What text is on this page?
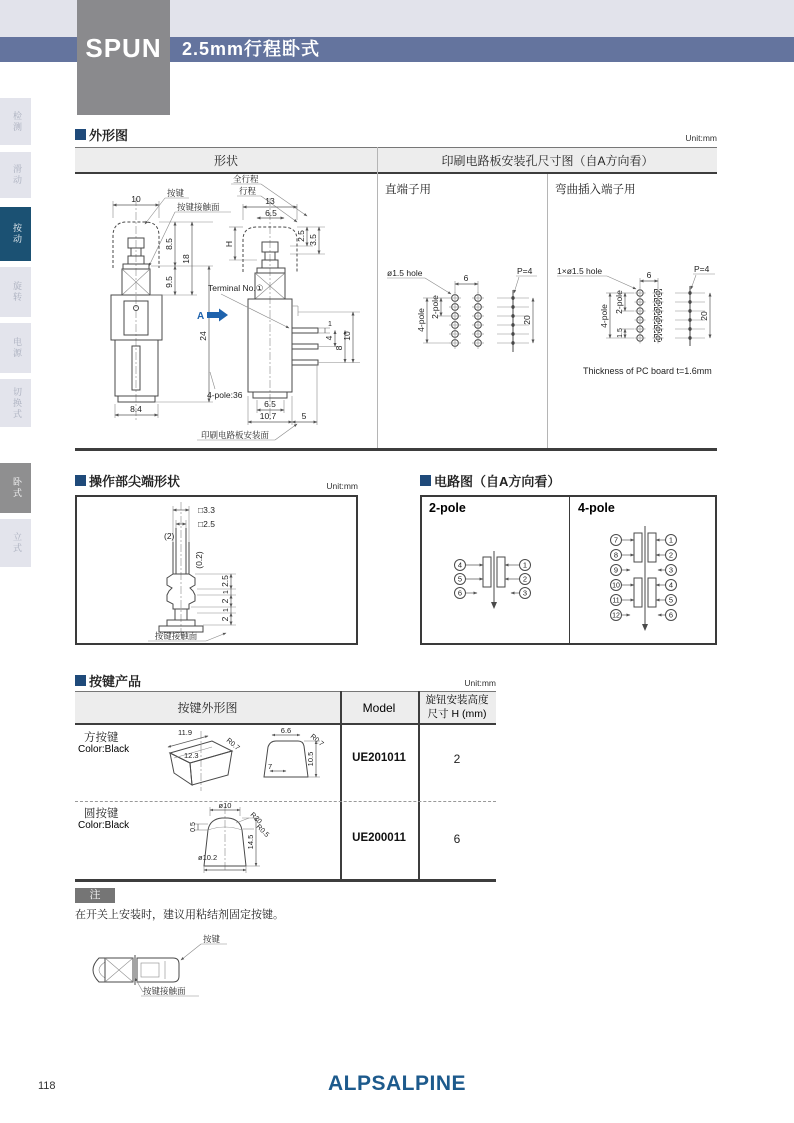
SPUN	2.5mm行程卧式
检测
滑动
按动
旋转
电源
切换式
卧式
立式
外形图	Unit:mm
形状	印刷电路板安装孔尺寸图（自A方向看）
直端子用	弯曲插入端子用
10
按键
按键接触面
8.4
8.5
9.5
18
24
4-pole:36
全行程
行程
13
6.5
H
2.5 3.5
A
Terminal No.①
1
4
8
10
6.5
10.7	5
印刷电路板安装面
ø1.5 hole	6
2-pole
4-pole
P=4
20
1×ø1.5 hole	6
2-pole
4-pole
1.5
P=4
20
Thickness of PC board t=1.6mm
操作部尖端形状	Unit:mm
□3.3
□2.5
(2)
(0.2)
2.5
1
2
1
2
按键接触面
电路图（自A方向看）
2-pole	4-pole
4
5
6
1
2
3
7
8
9
10
11
12
1
2
3
4
5
6
按键产品	Unit:mm
按键外形图	Model
旋钮安装高度
尺寸 H (mm)
方按键
Color:Black
UE201011	2
11.9
12.3
R0.7
6.6
R0.7
7
10.5
圆按键
Color:Black
UE200011	6
ø10
R20
R0.5
0.5
ø10.2
14.5
注
在开关上安装时，建议用粘结剂固定按键。
按键
按键接触面
118	ALPSALPINE
